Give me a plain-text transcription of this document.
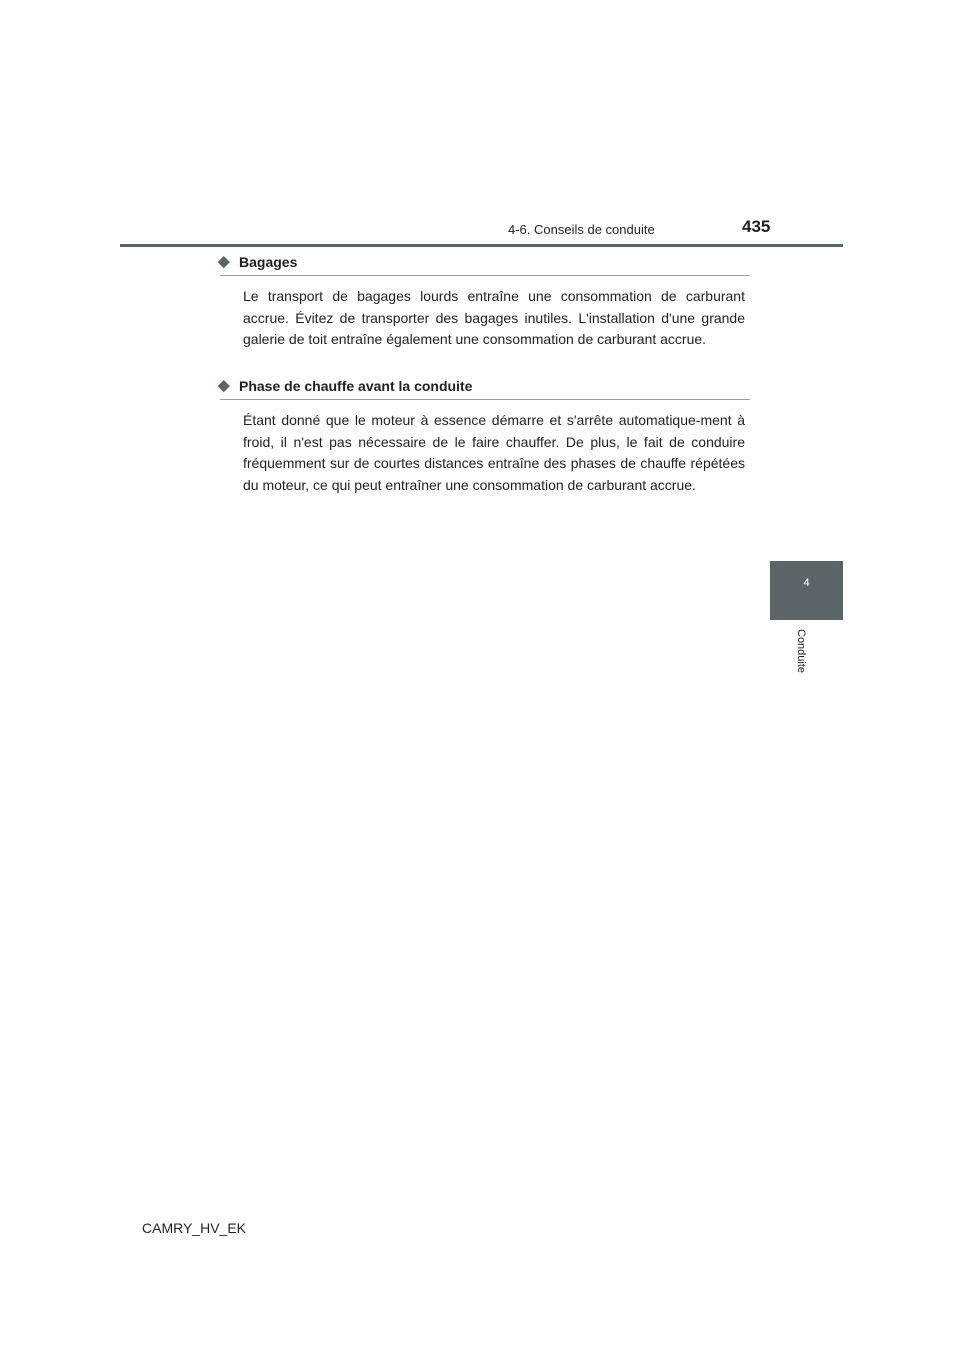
4-6. Conseils de conduite	435
4
Conduite
◆ Bagages
Le transport de bagages lourds entraîne une consommation de carburant accrue. Évitez de transporter des bagages inutiles. L'installation d'une grande galerie de toit entraîne également une consommation de carburant accrue.
◆ Phase de chauffe avant la conduite
Étant donné que le moteur à essence démarre et s'arrête automatique-ment à froid, il n'est pas nécessaire de le faire chauffer. De plus, le fait de conduire fréquemment sur de courtes distances entraîne des phases de chauffe répétées du moteur, ce qui peut entraîner une consommation de carburant accrue.
CAMRY_HV_EK
